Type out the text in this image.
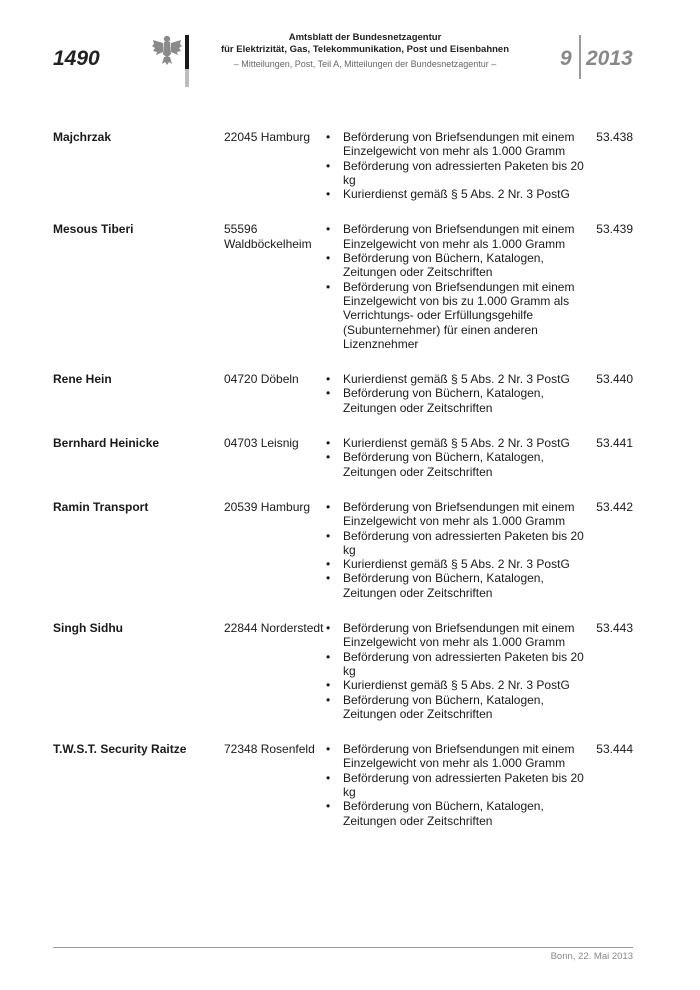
1490
Amtsblatt der Bundesnetzagentur
für Elektrizität, Gas, Telekommunikation, Post und Eisenbahnen
– Mitteilungen, Post, Teil A, Mitteilungen der Bundesnetzagentur –	9 2013
Majchrzak	22045 Hamburg	• Beförderung von Briefsendungen mit einem Einzelgewicht von mehr als 1.000 Gramm
• Beförderung von adressierten Paketen bis 20 kg
• Kurierdienst gemäß § 5 Abs. 2 Nr. 3 PostG
53.438
Mesous Tiberi	55596 Waldböckelheim
• Beförderung von Briefsendungen mit einem Einzelgewicht von mehr als 1.000 Gramm
• Beförderung von Büchern, Katalogen, Zeitungen oder Zeitschriften
• Beförderung von Briefsendungen mit einem Einzelgewicht von bis zu 1.000 Gramm als Verrichtungs- oder Erfüllungsgehilfe (Subunternehmer) für einen anderen Lizenznehmer
53.439
Rene Hein	04720 Döbeln	• Kurierdienst gemäß § 5 Abs. 2 Nr. 3 PostG
• Beförderung von Büchern, Katalogen, Zeitungen oder Zeitschriften
53.440
Bernhard Heinicke	04703 Leisnig	• Kurierdienst gemäß § 5 Abs. 2 Nr. 3 PostG
• Beförderung von Büchern, Katalogen, Zeitungen oder Zeitschriften
53.441
Ramin Transport	20539 Hamburg	• Beförderung von Briefsendungen mit einem Einzelgewicht von mehr als 1.000 Gramm
• Beförderung von adressierten Paketen bis 20 kg
• Kurierdienst gemäß § 5 Abs. 2 Nr. 3 PostG
• Beförderung von Büchern, Katalogen, Zeitungen oder Zeitschriften
53.442
Singh Sidhu	22844 Norderstedt	• Beförderung von Briefsendungen mit einem Einzelgewicht von mehr als 1.000 Gramm
• Beförderung von adressierten Paketen bis 20 kg
• Kurierdienst gemäß § 5 Abs. 2 Nr. 3 PostG
• Beförderung von Büchern, Katalogen, Zeitungen oder Zeitschriften
53.443
T.W.S.T. Security Raitze	72348 Rosenfeld	• Beförderung von Briefsendungen mit einem Einzelgewicht von mehr als 1.000 Gramm
• Beförderung von adressierten Paketen bis 20 kg
• Beförderung von Büchern, Katalogen, Zeitungen oder Zeitschriften
53.444
Bonn, 22. Mai 2013
